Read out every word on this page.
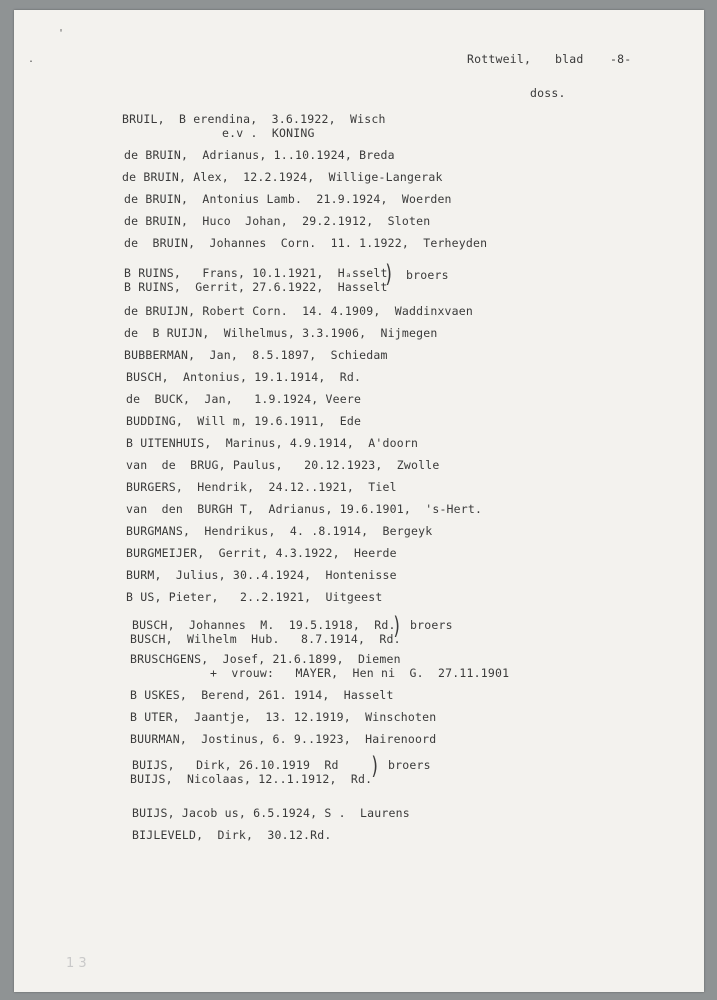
'
.	Rottweil, blad -8-
doss.
BRUIL,  B erendina,  3.6.1922,  Wisch
e.v .  KONING
de BRUIN,  Adrianus, 1..10.1924, Breda
de BRUIN, Alex,  12.2.1924,  Willige-Langerak
de BRUIN,  Antonius Lamb.  21.9.1924,  Woerden
de BRUIN,  Huco  Johan,  29.2.1912,  Sloten
de  BRUIN,  Johannes  Corn.  11. 1.1922,  Terheyden
B RUINS,   Frans, 10.1.1921,  Hₐsselt
B RUINS,  Gerrit, 27.6.1922,  Hasselt
) broers
de BRUIJN, Robert Corn.  14. 4.1909,  Waddinxvaen
de  B RUIJN,  Wilhelmus, 3.3.1906,  Nijmegen
BUBBERMAN,  Jan,  8.5.1897,  Schiedam
BUSCH,  Antonius, 19.1.1914,  Rd.
de  BUCK,  Jan,   1.9.1924, Veere
BUDDING,  Will m, 19.6.1911,  Ede
B UITENHUIS,  Marinus, 4.9.1914,  A'doorn
van  de  BRUG, Paulus,   20.12.1923,  Zwolle
BURGERS,  Hendrik,  24.12..1921,  Tiel
van  den  BURGH T,  Adrianus, 19.6.1901,  's-Hert.
BURGMANS,  Hendrikus,  4. .8.1914,  Bergeyk
BURGMEIJER,  Gerrit, 4.3.1922,  Heerde
BURM,  Julius, 30..4.1924,  Hontenisse
B US, Pieter,   2..2.1921,  Uitgeest
BUSCH,  Johannes  M.  19.5.1918,  Rd.
BUSCH,  Wilhelm  Hub.   8.7.1914,  Rd.
) broers
BRUSCHGENS,  Josef, 21.6.1899,  Diemen
+  vrouw:   MAYER,  Hen ni  G.  27.11.1901
B USKES,  Berend, 261. 1914,  Hasselt
B UTER,  Jaantje,  13. 12.1919,  Winschoten
BUURMAN,  Jostinus, 6. 9..1923,  Hairenoord
BUIJS,   Dirk, 26.10.1919  Rd
BUIJS,  Nicolaas, 12..1.1912,  Rd. ) broers
BUIJS, Jacob us, 6.5.1924, S .  Laurens
BIJLEVELD,  Dirk,  30.12.Rd.
1 3
